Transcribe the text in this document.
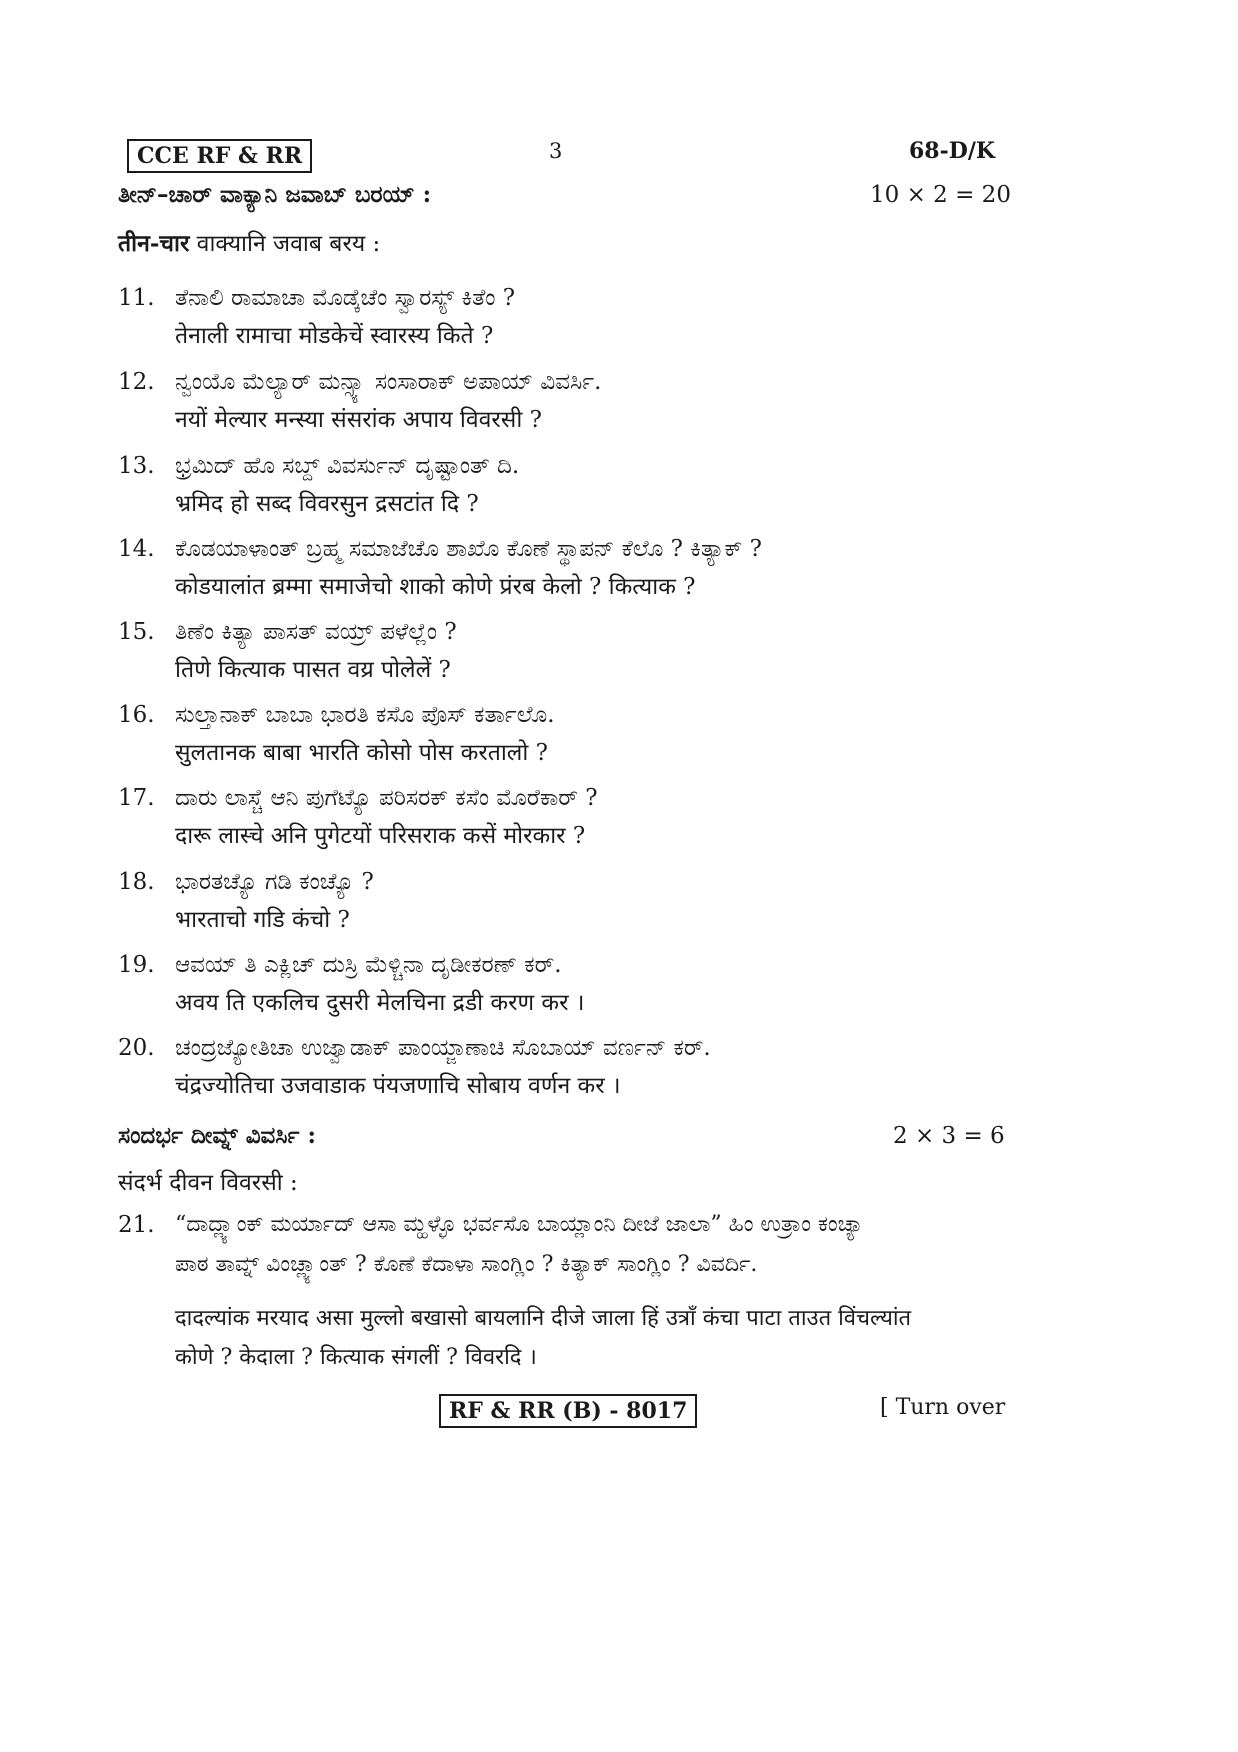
CCE RF & RR	3	68-D/K
ತೀನ್–ಚಾರ್ ವಾಕ್ಯಾನಿ ಜವಾಬ್ ಬರಯ್ :	10 × 2 = 20
तीन-चार वाक्यानि जवाब बरय :
11. ತೆನಾಲಿ ರಾಮಾಚಾ ಮೊಡ್ಕೆಚೆಂ ಸ್ವಾರಸ್ಯ್ ಕಿತೆಂ ?
तेनाली रामाचा मोडकेचें स्वारस्य किते ?
12. ನ್ವಂಯೊ ಮೆಲ್ಯಾರ್ ಮನ್ಸ್ಯಾ ಸಂಸಾರಾಕ್ ಅಪಾಯ್ ವಿವರ್ಸಿ.
नयों मेल्यार मन्स्या संसरांक अपाय विवरसी ?
13. ಭ್ರಮಿದ್ ಹೊ ಸಬ್ದ್ ವಿವರ್ಸುನ್ ದೃಷ್ಟಾಂತ್ ದಿ.
भ्रमिद हो सब्द विवरसुन द्रसटांत दि ?
14. ಕೊಡಯಾಳಾಂತ್ ಬ್ರಹ್ಮ ಸಮಾಜೆಚೊ ಶಾಖೊ ಕೊಣೆ ಸ್ಥಾಪನ್ ಕೆಲೊ ? ಕಿತ್ಯಾಕ್ ?
कोडयालांत ब्रम्मा समाजेचो शाको कोणे प्रंरब केलो ? कित्याक ?
15. ತಿಣೆಂ ಕಿತ್ಯಾ ಪಾಸತ್ ವಯ್ರ್ ಪಳೆಲ್ಲೆಂ ?
तिणे कित्याक पासत वय्र पोलेलें ?
16. ಸುಲ್ತಾನಾಕ್ ಬಾಬಾ ಭಾರತಿ ಕಸೊ ಪೊಸ್ ಕರ್ತಾಲೊ.
सुलतानक बाबा भारति कोसो पोस करतालो ?
17. ದಾರು ಲಾಸ್ಚೆ ಆನಿ ಪುಗೆಟ್ಯೊ ಪರಿಸರಕ್ ಕಸೆಂ ಮೊರೆಕಾರ್ ?
दारू लास्चे अनि पुगेटयों परिसराक कसें मोरकार ?
18. ಭಾರತಚ್ಯೊ ಗಡಿ ಕಂಚ್ಯೊ ?
भारताचो गडि कंचो ?
19. ಆವಯ್ ತಿ ಎಕ್ಲಿಚ್ ದುಸ್ರಿ ಮೆಳ್ಚಿನಾ ದೃಡೀಕರಣ್ ಕರ್.
अवय ति एकलिच दुसरी मेलचिना द्रडी करण कर ।
20. ಚಂದ್ರಜ್ಯೋತಿಚಾ ಉಜ್ವಾಡಾಕ್ ಪಾಂಯ್ಜಾಣಾಚಿ ಸೊಬಾಯ್ ವರ್ಣನ್ ಕರ್.
चंद्रज्योतिचा उजवाडाक पंयजणाचि सोबाय वर्णन कर ।
ಸಂದರ್ಭ ದೀವ್ನ್ ವಿವರ್ಸಿ :	2 × 3 = 6
संदर्भ दीवन विवरसी :
21. “ದಾದ್ಲ್ಯಾಂಕ್ ಮರ್ಯಾದ್ ಆಸಾ ಮ್ಹಳ್ಳೊ ಭರ್ವಸೊ ಬಾಯ್ಲಾಂನಿ ದೀಜೆ ಜಾಲಾ” ಹಿಂ ಉತ್ರಾಂ ಕಂಚ್ಯಾ
ಪಾಠ ತಾವ್ನ್ ವಿಂಚ್ಲ್ಯಾಂತ್ ? ಕೊಣೆ ಕೆದಾಳಾ ಸಾಂಗ್ಲಿಂ ? ಕಿತ್ಯಾಕ್ ಸಾಂಗ್ಲಿಂ ? ವಿವರ್ದಿ.
दादल्यांक मरयाद असा मुल्लो बखासो बायलानि दीजे जाला हिं उत्राँ कंचा पाटा ताउत विंचल्यांत
कोणे ? केदाला ? कित्याक संगलीं ? विवरदि ।
RF & RR (B) - 8017	[ Turn over
